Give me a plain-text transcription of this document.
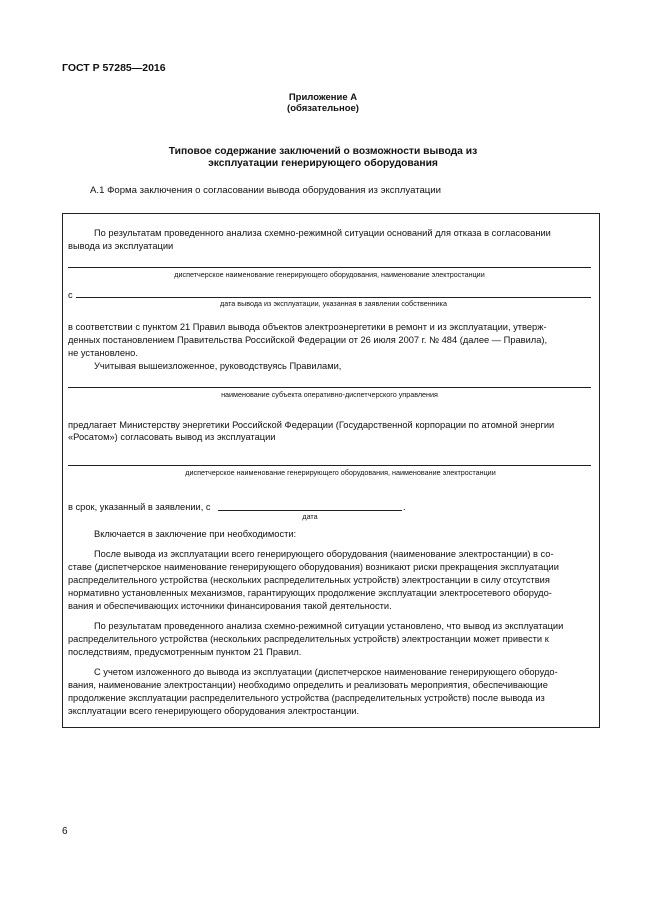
ГОСТ Р 57285—2016
Приложение А
(обязательное)
Типовое содержание заключений о возможности вывода из
эксплуатации генерирующего оборудования
А.1 Форма заключения о согласовании вывода оборудования из эксплуатации
По результатам проведенного анализа схемно-режимной ситуации оснований для отказа в согласовании
вывода из эксплуатации
диспетчерское наименование генерирующего оборудования, наименование электростанции
с
дата вывода из эксплуатации, указанная в заявлении собственника
в соответствии с пунктом 21 Правил вывода объектов электроэнергетики в ремонт и из эксплуатации, утверж-
денных постановлением Правительства Российской Федерации от 26 июля 2007 г. № 484 (далее — Правила),
не установлено.
Учитывая вышеизложенное, руководствуясь Правилами,
наименование субъекта оперативно-диспетчерского управления
предлагает Министерству энергетики Российской Федерации (Государственной корпорации по атомной энергии
«Росатом») согласовать вывод из эксплуатации
диспетчерское наименование генерирующего оборудования, наименование электростанции
в срок, указанный в заявлении, с	.
дата
Включается в заключение при необходимости:
После вывода из эксплуатации всего генерирующего оборудования (наименование электростанции) в со-
ставе (диспетчерское наименование генерирующего оборудования) возникают риски прекращения эксплуатации
распределительного устройства (нескольких распределительных устройств) электростанции в силу отсутствия
нормативно установленных механизмов, гарантирующих продолжение эксплуатации электросетевого оборудо-
вания и обеспечивающих источники финансирования такой деятельности.
По результатам проведенного анализа схемно-режимной ситуации установлено, что вывод из эксплуатации
распределительного устройства (нескольких распределительных устройств) электростанции может привести к
последствиям, предусмотренным пунктом 21 Правил.
С учетом изложенного до вывода из эксплуатации (диспетчерское наименование генерирующего оборудо-
вания, наименование электростанции) необходимо определить и реализовать мероприятия, обеспечивающие
продолжение эксплуатации распределительного устройства (распределительных устройств) после вывода из
эксплуатации всего генерирующего оборудования электростанции.
6
